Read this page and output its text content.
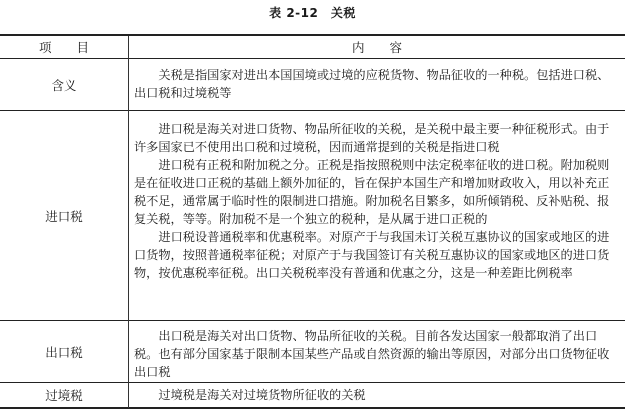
表 2-12　关税
项　　目	内　　容
含义

关税是指国家对进出本国国境或过境的应税货物、物品征收的一种税。包括进口税、出口税和过境税等

进口税

进口税是海关对进口货物、物品所征收的关税，是关税中最主要一种征税形式。由于许多国家已不使用出口税和过境税，因而通常提到的关税是指进口税

进口税有正税和附加税之分。正税是指按照税则中法定税率征收的进口税。附加税则是在征收进口正税的基础上额外加征的，旨在保护本国生产和增加财政收入，用以补充正税不足，通常属于临时性的限制进口措施。附加税名目繁多，如所倾销税、反补贴税、报复关税，等等。附加税不是一个独立的税种，是从属于进口正税的

进口税设普通税率和优惠税率。对原产于与我国未订关税互惠协议的国家或地区的进口货物，按照普通税率征税；对原产于与我国签订有关税互惠协议的国家或地区的进口货物，按优惠税率征税。出口关税税率没有普通和优惠之分，这是一种差距比例税率

出口税

出口税是海关对出口货物、物品所征收的关税。目前各发达国家一般都取消了出口税。也有部分国家基于限制本国某些产品或自然资源的输出等原因，对部分出口货物征收出口税

过境税	过境税是海关对过境货物所征收的关税
